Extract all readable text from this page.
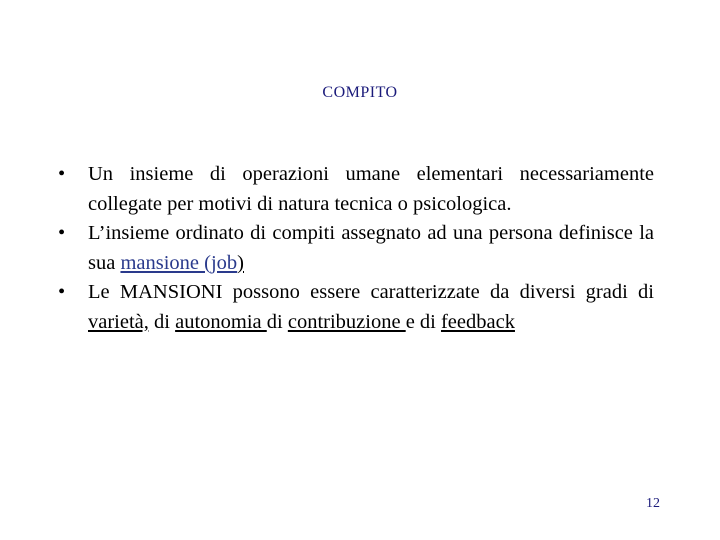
COMPITO
•	Un insieme di operazioni umane elementari necessariamente collegate per motivi di natura tecnica o psicologica.
•	L’insieme ordinato di compiti assegnato ad una persona definisce la sua mansione (job)
•	Le MANSIONI possono essere caratterizzate da diversi gradi di varietà, di autonomia di contribuzione e di feedback
12
